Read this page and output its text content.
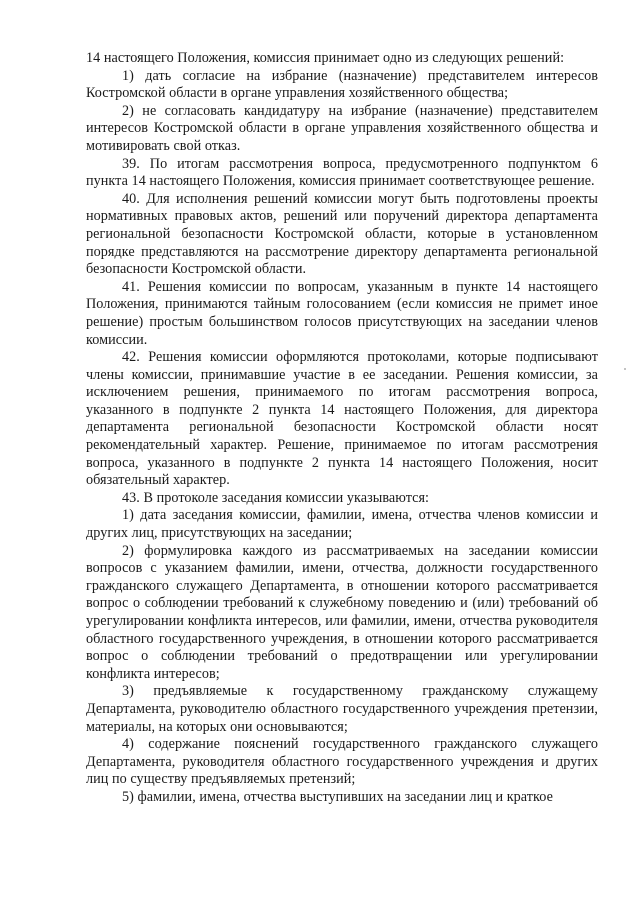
14 настоящего Положения, комиссия принимает одно из следующих решений:

1) дать согласие на избрание (назначение) представителем интересов Костромской области в органе управления хозяйственного общества;

2) не согласовать кандидатуру на избрание (назначение) представителем интересов Костромской области в органе управления хозяйственного общества и мотивировать свой отказ.

39. По итогам рассмотрения вопроса, предусмотренного подпунктом 6 пункта 14 настоящего Положения, комиссия принимает соответствующее решение.

40. Для исполнения решений комиссии могут быть подготовлены проекты нормативных правовых актов, решений или поручений директора департамента региональной безопасности Костромской области, которые в установленном порядке представляются на рассмотрение директору департамента региональной безопасности Костромской области.

41. Решения комиссии по вопросам, указанным в пункте 14 настоящего Положения, принимаются тайным голосованием (если комиссия не примет иное решение) простым большинством голосов присутствующих на заседании членов комиссии.

42. Решения комиссии оформляются протоколами, которые подписывают члены комиссии, принимавшие участие в ее заседании. Решения комиссии, за исключением решения, принимаемого по итогам рассмотрения вопроса, указанного в подпункте 2 пункта 14 настоящего Положения, для директора департамента региональной безопасности Костромской области носят рекомендательный характер. Решение, принимаемое по итогам рассмотрения вопроса, указанного в подпункте 2 пункта 14 настоящего Положения, носит обязательный характер.

43. В протоколе заседания комиссии указываются:

1) дата заседания комиссии, фамилии, имена, отчества членов комиссии и других лиц, присутствующих на заседании;

2) формулировка каждого из рассматриваемых на заседании комиссии вопросов с указанием фамилии, имени, отчества, должности государственного гражданского служащего Департамента, в отношении которого рассматривается вопрос о соблюдении требований к служебному поведению и (или) требований об урегулировании конфликта интересов, или фамилии, имени, отчества руководителя областного государственного учреждения, в отношении которого рассматривается вопрос о соблюдении требований о предотвращении или урегулировании конфликта интересов;

3) предъявляемые к государственному гражданскому служащему Департамента, руководителю областного государственного учреждения претензии, материалы, на которых они основываются;

4) содержание пояснений государственного гражданского служащего Департамента, руководителя областного государственного учреждения и других лиц по существу предъявляемых претензий;

5) фамилии, имена, отчества выступивших на заседании лиц и краткое
